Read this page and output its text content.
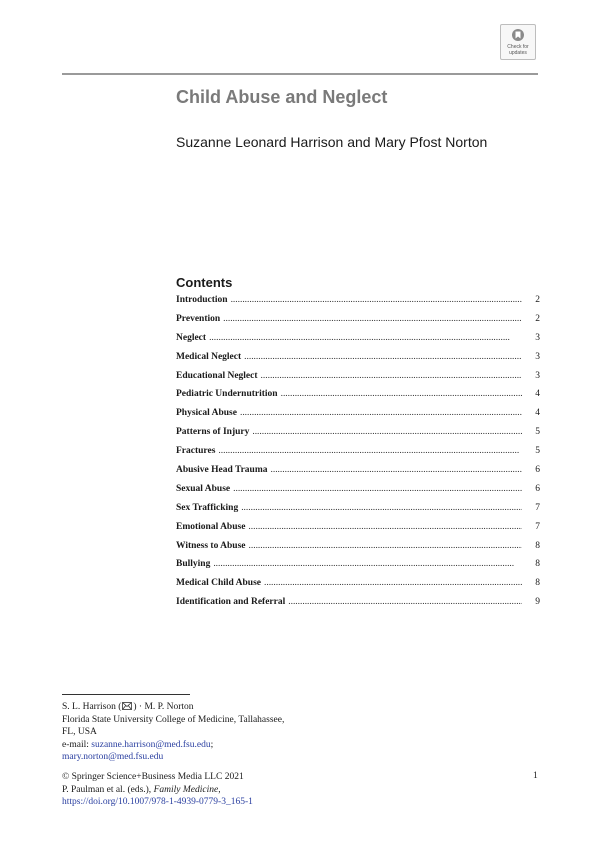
Check for
updates
Child Abuse and Neglect

Suzanne Leonard Harrison and Mary Pfost Norton

Contents
Introduction . . .	2
Prevention . . .	2
Neglect . . .	3
Medical Neglect . . .	3
Educational Neglect . . .	3
Pediatric Undernutrition . . .	4
Physical Abuse . . .	4
Patterns of Injury . . .	5
Fractures . . .	5
Abusive Head Trauma . . .	6
Sexual Abuse . . .	6
Sex Trafficking . . .	7
Emotional Abuse . . .	7
Witness to Abuse . . .	8
Bullying . . .	8
Medical Child Abuse . . .	8
Identification and Referral . . .	9
S. L. Harrison ( ) · M. P. Norton
Florida State University College of Medicine, Tallahassee,
FL, USA
e-mail: suzanne.harrison@med.fsu.edu;
mary.norton@med.fsu.edu
© Springer Science+Business Media LLC 2021
P. Paulman et al. (eds.), Family Medicine,
https://doi.org/10.1007/978-1-4939-0779-3_165-1
1
